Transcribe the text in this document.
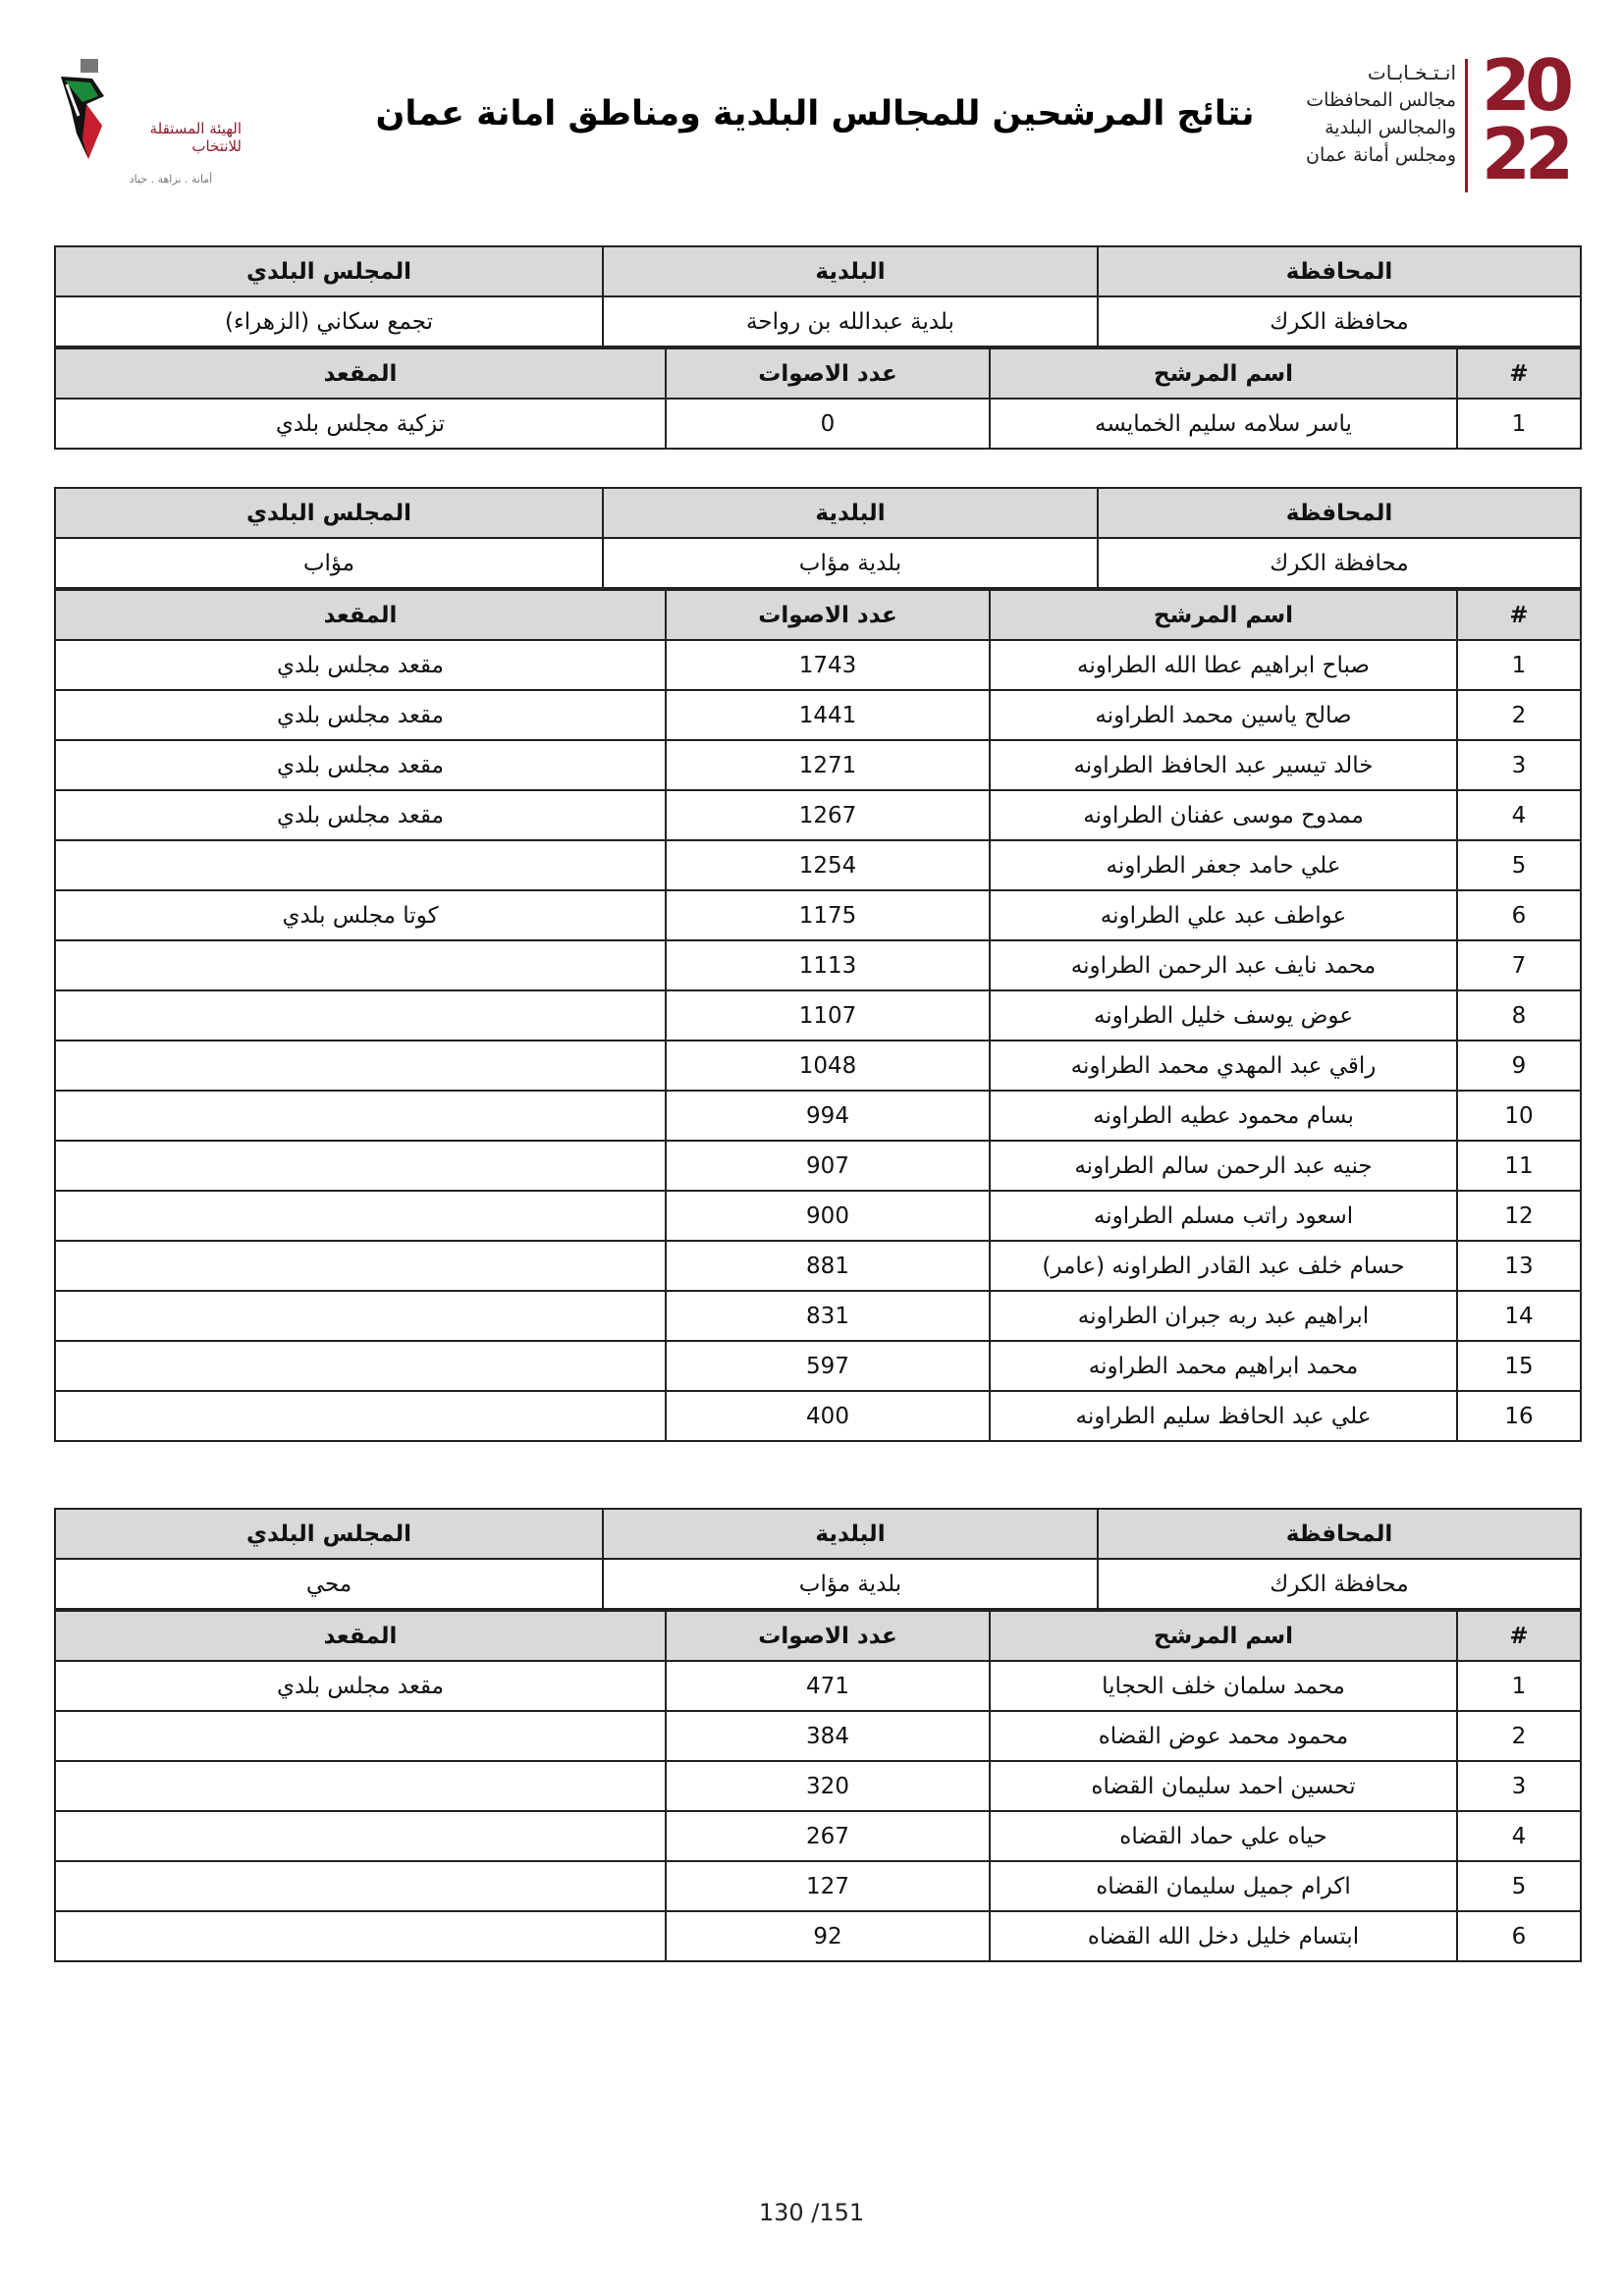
الهيئة المستقلة
للانتخاب
أمانة . نزاهة . حياد
نتائج المرشحين للمجالس البلدية ومناطق امانة عمان	20
22
انـتـخـابـات
مجالس المحافظات
والمجالس البلدية
ومجلس أمانة عمان
المحافظة	البلدية	المجلس البلدي
محافظة الكرك	بلدية عبدالله بن رواحة	تجمع سكاني (الزهراء)
#	اسم المرشح	عدد الاصوات	المقعد
1	ياسر سلامه سليم الخمايسه	0	تزكية مجلس بلدي
المحافظة	البلدية	المجلس البلدي
محافظة الكرك	بلدية مؤاب	مؤاب
#	اسم المرشح	عدد الاصوات	المقعد
1	صباح ابراهيم عطا الله الطراونه	1743	مقعد مجلس بلدي
2	صالح ياسين محمد الطراونه	1441	مقعد مجلس بلدي
3	خالد تيسير عبد الحافظ الطراونه	1271	مقعد مجلس بلدي
4	ممدوح موسى عفنان الطراونه	1267	مقعد مجلس بلدي
5	علي حامد جعفر الطراونه	1254	
6	عواطف عبد علي الطراونه	1175	كوتا مجلس بلدي
7	محمد نايف عبد الرحمن الطراونه	1113	
8	عوض يوسف خليل الطراونه	1107	
9	راقي عبد المهدي محمد الطراونه	1048	
10	بسام محمود عطيه الطراونه	994	
11	جنيه عبد الرحمن سالم الطراونه	907	
12	اسعود راتب مسلم الطراونه	900	
13	حسام خلف عبد القادر الطراونه (عامر)	881	
14	ابراهيم عبد ربه جبران الطراونه	831	
15	محمد ابراهيم محمد الطراونه	597	
16	علي عبد الحافظ سليم الطراونه	400	
المحافظة	البلدية	المجلس البلدي
محافظة الكرك	بلدية مؤاب	محي
#	اسم المرشح	عدد الاصوات	المقعد
1	محمد سلمان خلف الحجايا	471	مقعد مجلس بلدي
2	محمود محمد عوض القضاه	384	
3	تحسين احمد سليمان القضاه	320	
4	حياه علي حماد القضاه	267	
5	اكرام جميل سليمان القضاه	127	
6	ابتسام خليل دخل الله القضاه	92	
130 /151
